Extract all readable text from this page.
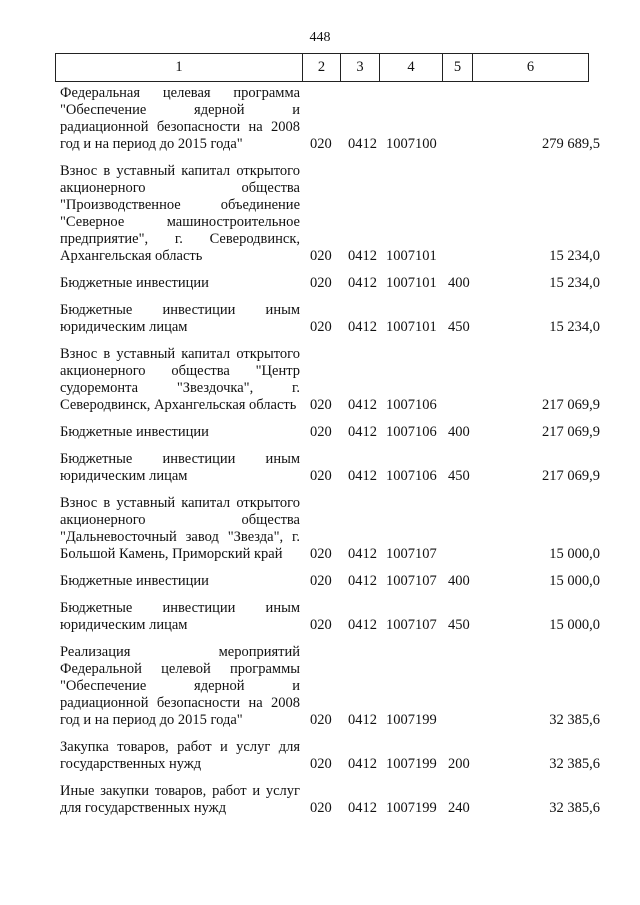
448
1	2	3	4	5	6
Федеральная целевая программа "Обеспечение ядерной и радиационной безопасности на 2008 год и на период до 2015 года"	020	0412 1007100	279 689,5
Взнос в уставный капитал открытого акционерного общества "Производственное объединение "Северное машиностроительное предприятие", г. Северодвинск, Архангельская область	020	0412 1007101	15 234,0
Бюджетные инвестиции	020	0412 1007101 400	15 234,0
Бюджетные инвестиции иным юридическим лицам	020	0412 1007101 450	15 234,0
Взнос в уставный капитал открытого акционерного общества "Центр судоремонта "Звездочка", г. Северодвинск, Архангельская область 020	0412 1007106	217 069,9
Бюджетные инвестиции	020	0412 1007106 400	217 069,9
Бюджетные инвестиции иным юридическим лицам	020	0412 1007106 450	217 069,9
Взнос в уставный капитал открытого акционерного общества "Дальневосточный завод "Звезда", г. Большой Камень, Приморский край	020	0412 1007107	15 000,0
Бюджетные инвестиции	020	0412 1007107 400	15 000,0
Бюджетные инвестиции иным юридическим лицам	020	0412 1007107 450	15 000,0
Реализация мероприятий Федеральной целевой программы "Обеспечение ядерной и радиационной безопасности на 2008 год и на период до 2015 года"	020	0412 1007199	32 385,6
Закупка товаров, работ и услуг для государственных нужд	020	0412 1007199 200	32 385,6
Иные закупки товаров, работ и услуг для государственных нужд	020	0412 1007199 240	32 385,6
